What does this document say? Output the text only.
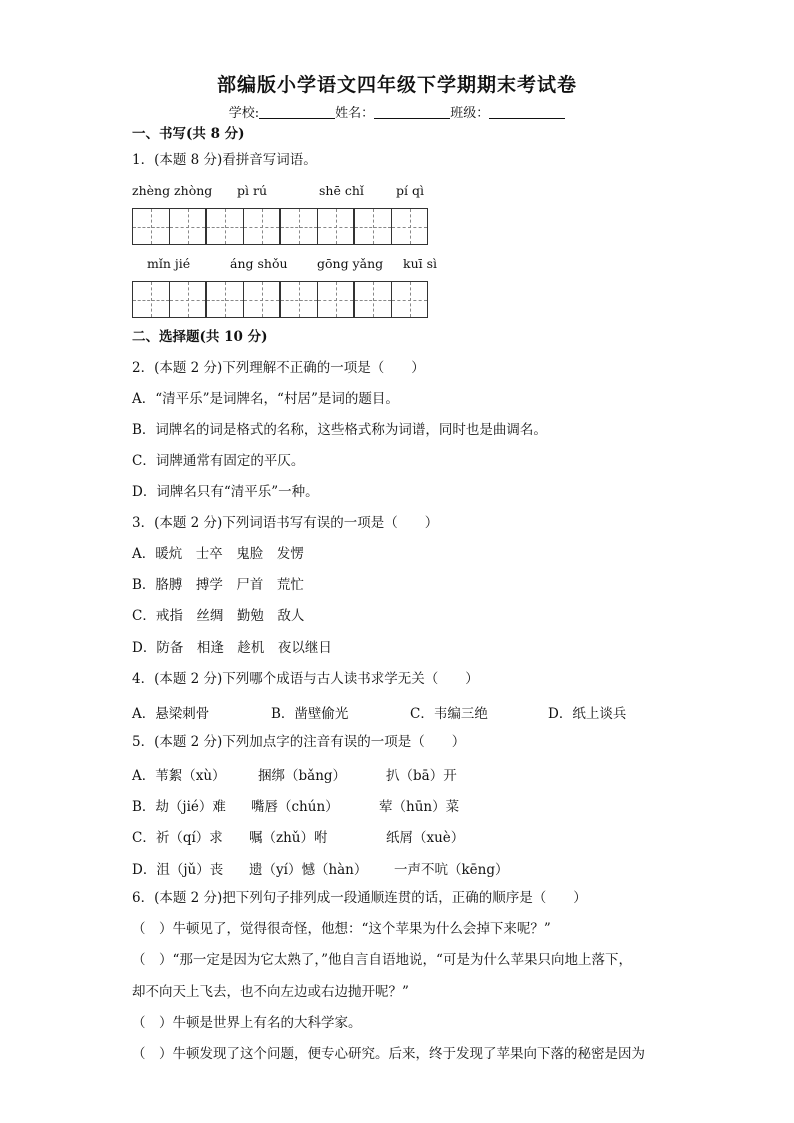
部编版小学语文四年级下学期期末考试卷
学校:	姓名：	班级：
一、书写(共 8 分)
1．(本题 8 分)看拼音写词语。
zhèng zhòng pì rú	shē chǐ	pí qì
mǐn jié	áng shǒu gōng yǎng kuī sì
二、选择题(共 10 分)
2．(本题 2 分)下列理解不正确的一项是（　　）
A．“清平乐”是词牌名，“村居”是词的题目。
B．词牌名的词是格式的名称，这些格式称为词谱，同时也是曲调名。
C．词牌通常有固定的平仄。
D．词牌名只有“清平乐”一种。
3．(本题 2 分)下列词语书写有误的一项是（　　）
A．暖炕　士卒　鬼脸　发愣
B．胳膊　搏学　尸首　荒忙
C．戒指　丝绸　勤勉　敌人
D．防备　相逢　趁机　夜以继日
4．(本题 2 分)下列哪个成语与古人读书求学无关（　　）
A．悬梁刺骨	B．凿壁偷光	C．韦编三绝	D．纸上谈兵
5．(本题 2 分)下列加点字的注音有误的一项是（　　）
A．苇絮（xù） 捆绑（bǎng）	扒（bā）开
B．劫（jié）难 嘴唇（chún）	荤（hūn）菜
C．祈（qí）求 嘱（zhǔ）咐	纸屑（xuè）
D．沮（jǔ）丧 遗（yí）憾（hàn） 一声不吭（kēng）
6．(本题 2 分)把下列句子排列成一段通顺连贯的话，正确的顺序是（　　）
（　）牛顿见了，觉得很奇怪，他想：“这个苹果为什么会掉下来呢？”
（　）“那一定是因为它太熟了，”他自言自语地说，“可是为什么苹果只向地上落下，
却不向天上飞去，也不向左边或右边抛开呢？”
（　）牛顿是世界上有名的大科学家。
（　）牛顿发现了这个问题，便专心研究。后来，终于发现了苹果向下落的秘密是因为
